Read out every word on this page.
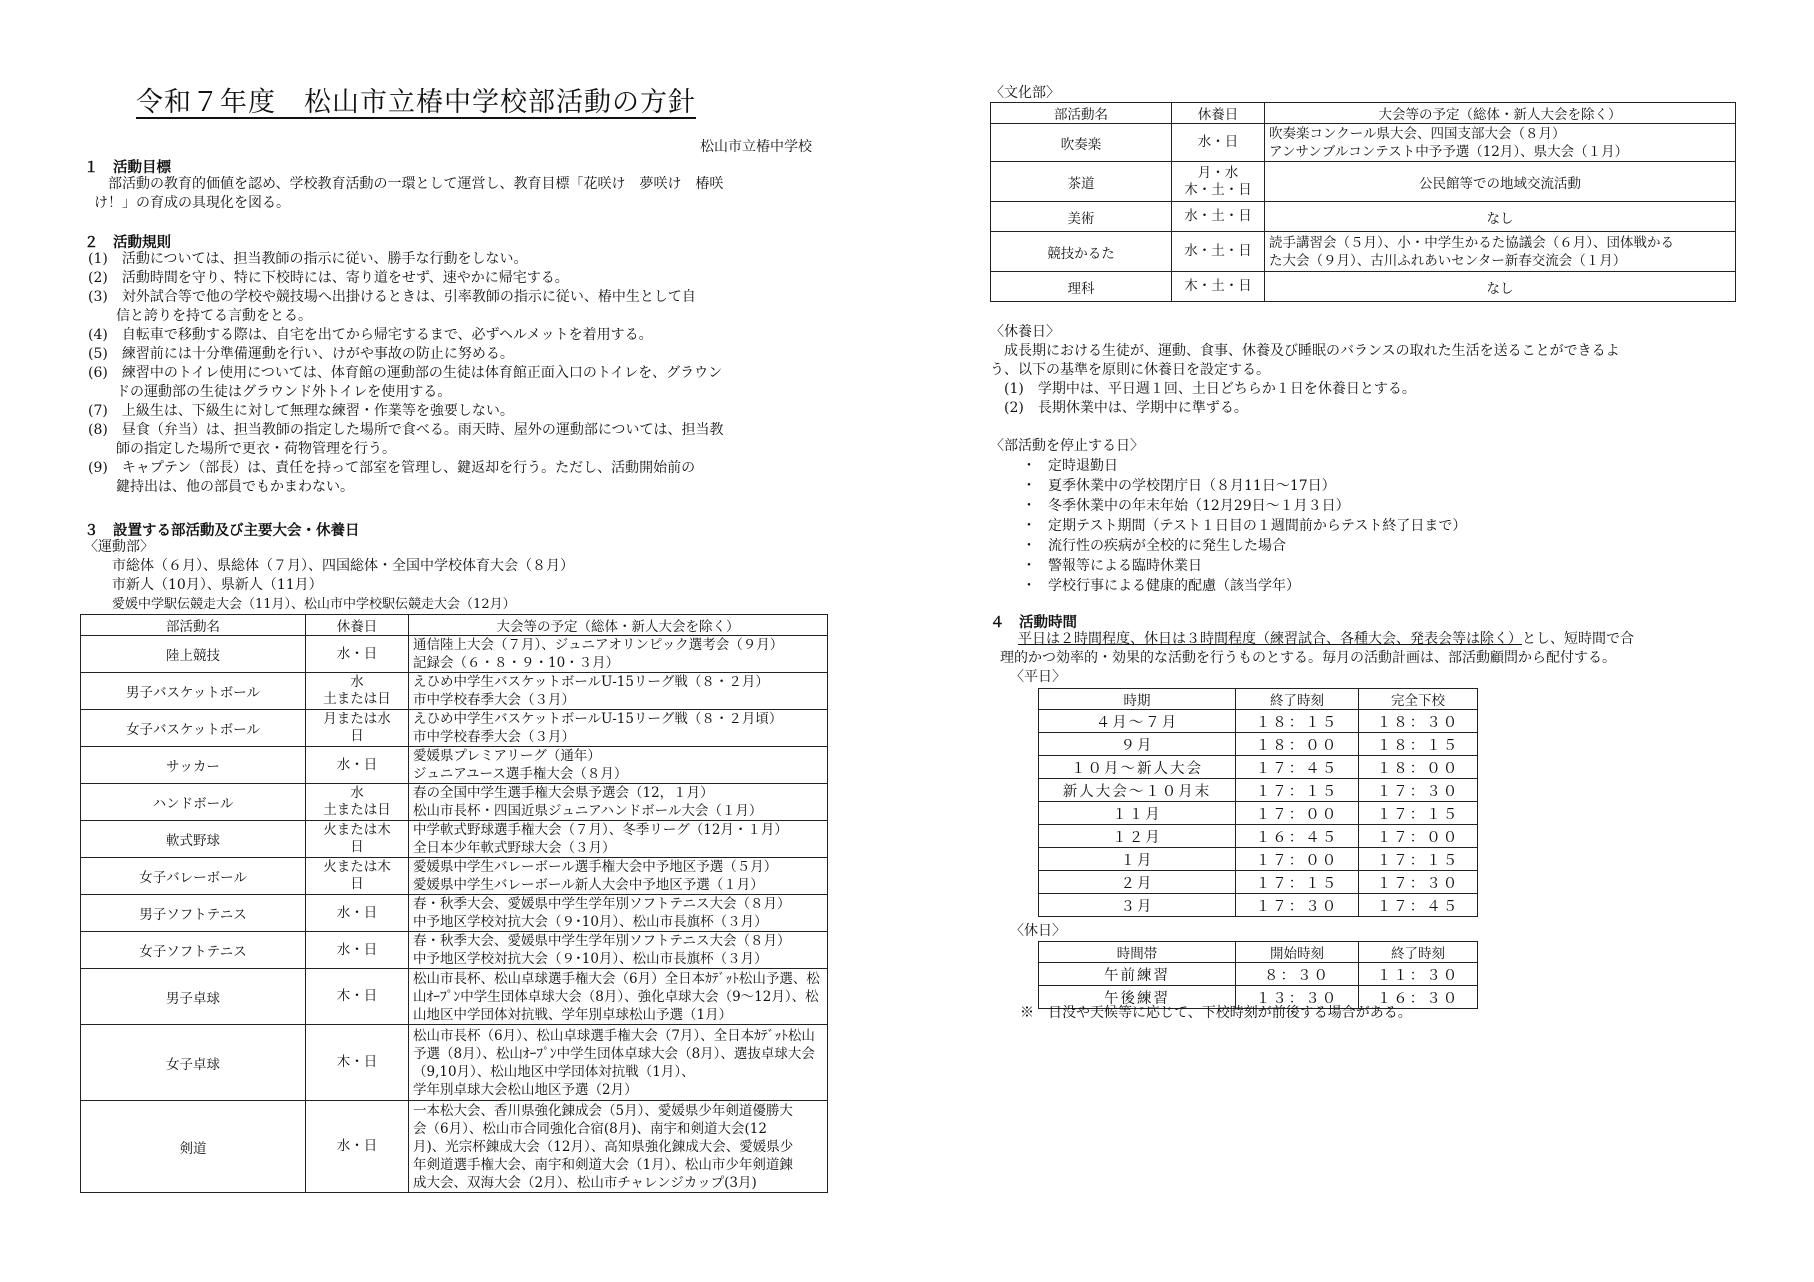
令和７年度　松山市立椿中学校部活動の方針
松山市立椿中学校
１　活動目標
部活動の教育的価値を認め、学校教育活動の一環として運営し、教育目標「花咲け　夢咲け　椿咲
け！」の育成の具現化を図る。
２　活動規則
(1)　活動については、担当教師の指示に従い、勝手な行動をしない。
(2)　活動時間を守り、特に下校時には、寄り道をせず、速やかに帰宅する。
(3)　対外試合等で他の学校や競技場へ出掛けるときは、引率教師の指示に従い、椿中生として自
　　信と誇りを持てる言動をとる。
(4)　自転車で移動する際は、自宅を出てから帰宅するまで、必ずヘルメットを着用する。
(5)　練習前には十分準備運動を行い、けがや事故の防止に努める。
(6)　練習中のトイレ使用については、体育館の運動部の生徒は体育館正面入口のトイレを、グラウン
　　ドの運動部の生徒はグラウンド外トイレを使用する。
(7)　上級生は、下級生に対して無理な練習・作業等を強要しない。
(8)　昼食（弁当）は、担当教師の指定した場所で食べる。雨天時、屋外の運動部については、担当教
　　師の指定した場所で更衣・荷物管理を行う。
(9)　キャプテン（部長）は、責任を持って部室を管理し、鍵返却を行う。ただし、活動開始前の
　　鍵持出は、他の部員でもかまわない。
３　設置する部活動及び主要大会・休養日
〈運動部〉
市総体（６月）、県総体（７月）、四国総体・全国中学校体育大会（８月）
市新人（10月）、県新人（11月）
愛媛中学駅伝競走大会（11月）、松山市中学校駅伝競走大会（12月）
部活動名	休養日	大会等の予定（総体・新人大会を除く）
陸上競技	水・日	通信陸上大会（７月）、ジュニアオリンピック選考会（９月）
記録会（６・８・９・10・３月）
男子バスケットボール	水
土または日	えひめ中学生バスケットボールU-15リーグ戦（８・２月）
市中学校春季大会（３月）
女子バスケットボール	月または水
日	えひめ中学生バスケットボールU-15リーグ戦（８・２月頃）
市中学校春季大会（３月）
サッカー	水・日	愛媛県プレミアリーグ（通年）
ジュニアユース選手権大会（８月）
ハンドボール	水
土または日	春の全国中学生選手権大会県予選会（12，１月）
松山市長杯・四国近県ジュニアハンドボール大会（１月）
軟式野球	火または木
日	中学軟式野球選手権大会（７月）、冬季リーグ（12月・１月）
全日本少年軟式野球大会（３月）
女子バレーボール	火または木
日	愛媛県中学生バレーボール選手権大会中予地区予選（５月）
愛媛県中学生バレーボール新人大会中予地区予選（１月）
男子ソフトテニス	水・日	春・秋季大会、愛媛県中学生学年別ソフトテニス大会（８月）
中予地区学校対抗大会（９･10月）、松山市長旗杯（３月）
女子ソフトテニス	水・日	春・秋季大会、愛媛県中学生学年別ソフトテニス大会（８月）
中予地区学校対抗大会（９･10月）、松山市長旗杯（３月）
男子卓球	木・日	松山市長杯、松山卓球選手権大会（6月）全日本ｶﾃﾞｯﾄ松山予選、松
山ｵｰﾌﾟﾝ中学生団体卓球大会（8月）、強化卓球大会（9～12月）、松
山地区中学団体対抗戦、学年別卓球松山予選（1月）
女子卓球	木・日	松山市長杯（6月）、松山卓球選手権大会（7月）、全日本ｶﾃﾞｯﾄ松山
予選（8月）、松山ｵｰﾌﾟﾝ中学生団体卓球大会（8月）、選抜卓球大会
（9,10月）、松山地区中学団体対抗戦（1月）、
学年別卓球大会松山地区予選（2月）
剣道	水・日	一本松大会、香川県強化錬成会（5月）、愛媛県少年剣道優勝大
会（6月）、松山市合同強化合宿(8月)、南宇和剣道大会(12
月)、光宗杯錬成大会（12月）、高知県強化錬成大会、愛媛県少
年剣道選手権大会、南宇和剣道大会（1月）、松山市少年剣道錬
成大会、双海大会（2月）、松山市チャレンジカップ(3月)
〈文化部〉
部活動名	休養日	大会等の予定（総体・新人大会を除く）
吹奏楽	水・日	吹奏楽コンクール県大会、四国支部大会（８月）
アンサンブルコンテスト中予予選（12月）、県大会（１月）
茶道	月・水
木・土・日	公民館等での地域交流活動
美術	水・土・日	なし
競技かるた	水・土・日	読手講習会（５月）、小・中学生かるた協議会（６月）、団体戦かる
た大会（９月）、古川ふれあいセンター新春交流会（１月）
理科	木・土・日	なし
〈休養日〉
　成長期における生徒が、運動、食事、休養及び睡眠のバランスの取れた生活を送ることができるよ
う、以下の基準を原則に休養日を設定する。
　(1)　学期中は、平日週１回、土日どちらか１日を休養日とする。
　(2)　長期休業中は、学期中に準ずる。
〈部活動を停止する日〉
・ 定時退勤日
・ 夏季休業中の学校閉庁日（８月11日～17日）
・ 冬季休業中の年末年始（12月29日～１月３日）
・ 定期テスト期間（テスト１日目の１週間前からテスト終了日まで）
・ 流行性の疾病が全校的に発生した場合
・ 警報等による臨時休業日
・ 学校行事による健康的配慮（該当学年）
４　活動時間
平日は２時間程度、休日は３時間程度（練習試合、各種大会、発表会等は除く）とし、短時間で合
理的かつ効率的・効果的な活動を行うものとする。毎月の活動計画は、部活動顧問から配付する。
〈平日〉
時期	終了時刻	完全下校
４月～７月	１８：１５	１８：３０
９月	１８：００	１８：１５
１０月～新人大会	１７：４５	１８：００
新人大会～１０月末	１７：１５	１７：３０
１１月	１７：００	１７：１５
１２月	１６：４５	１７：００
１月	１７：００	１７：１５
２月	１７：１５	１７：３０
３月	１７：３０	１７：４５
〈休日〉
時間帯	開始時刻	終了時刻
午前練習	８：３０	１１：３０
午後練習	１３：３０	１６：３０
※　日没や天候等に応じて、下校時刻が前後する場合がある。
